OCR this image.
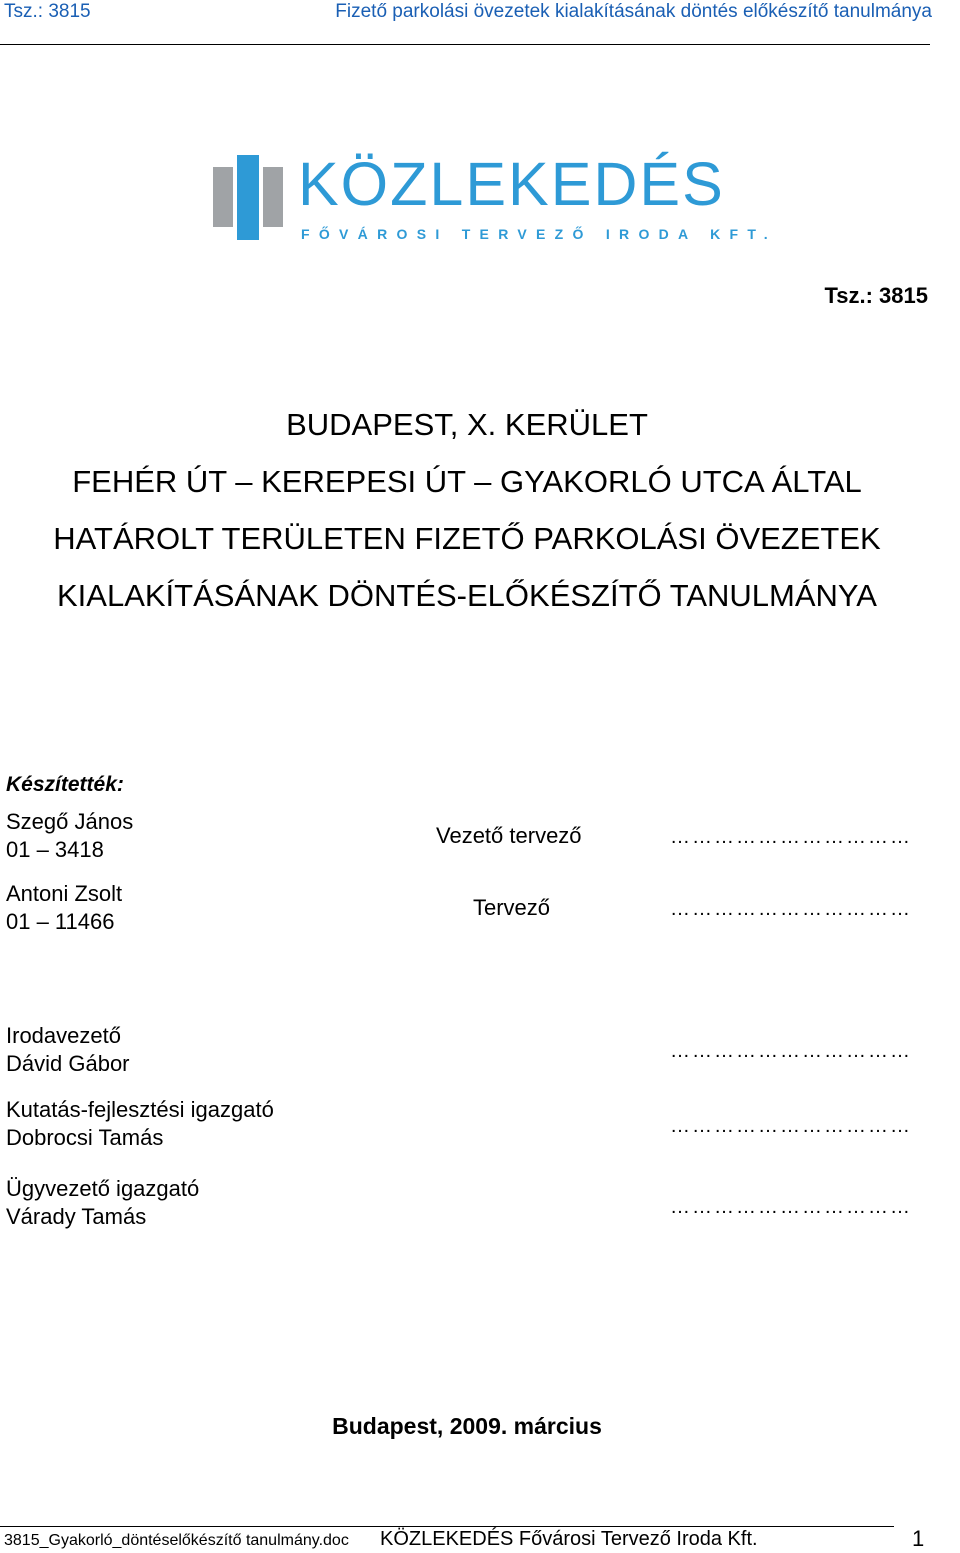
Tsz.: 3815	Fizető parkolási övezetek kialakításának döntés előkészítő tanulmánya
KÖZLEKEDÉS
FŐVÁROSI TERVEZŐ IRODA KFT.
Tsz.: 3815
BUDAPEST, X. KERÜLET
FEHÉR ÚT – KEREPESI ÚT – GYAKORLÓ UTCA ÁLTAL
HATÁROLT TERÜLETEN FIZETŐ PARKOLÁSI ÖVEZETEK
KIALAKÍTÁSÁNAK DÖNTÉS-ELŐKÉSZÍTŐ TANULMÁNYA
Készítették:
Szegő János
01 – 3418
Vezető tervező	……………………………
Antoni Zsolt
01 – 11466
Tervező	……………………………
Irodavezető
Dávid Gábor	……………………………
Kutatás-fejlesztési igazgató
Dobrocsi Tamás	……………………………
Ügyvezető igazgató
Várady Tamás	……………………………
Budapest, 2009. március
3815_Gyakorló_döntéselőkészítő tanulmány.doc KÖZLEKEDÉS Fővárosi Tervező Iroda Kft.	1
